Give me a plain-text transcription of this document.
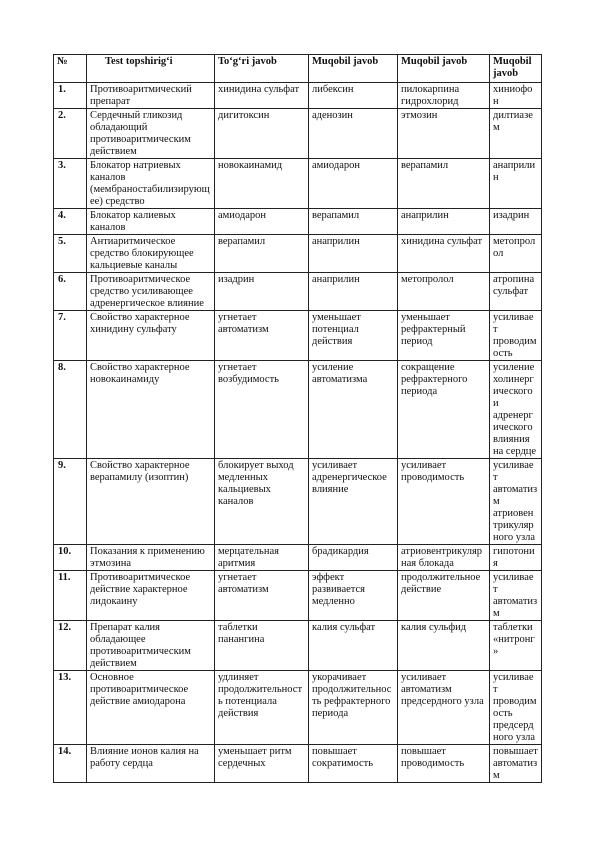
№	Test topshirig‘i	To‘g‘ri javob	Muqobil javob	Muqobil javob	Muqobil javob
1.	Противоаритмический препарат	хинидина сульфат	либексин	пилокарпина гидрохлорид	хиниофон
2.	Сердечный гликозид обладающий противоаритмическим действием	дигитоксин	аденозин	этмозин	дилтиазем
3.	Блокатор натриевых каналов (мембраностабилизирующее) средство	новокаинамид	амиодарон	верапамил	анаприлин
4.	Блокатор калиевых каналов	амиодарон	верапамил	анаприлин	изадрин
5.	Антиаритмическое средство блокирующее кальциевые каналы	верапамил	анаприлин	хинидина сульфат	метопролол
6.	Противоаритмическое средство усиливающее адренергическое влияние	изадрин	анаприлин	метопролол	атропина сульфат
7.	Свойство характерное хинидину сульфату	угнетает автоматизм	уменьшает потенциал действия	уменьшает рефрактерный период	усиливает проводимость
8.	Свойство характерное новокаинамиду	угнетает возбудимость	усиление автоматизма	сокращение рефрактерного периода	усиление холинергического и адренергического влияния на сердце
9.	Свойство характерное верапамилу (изоптин)	блокирует выход медленных кальциевых каналов	усиливает адренергическое влияние	усиливает проводимость	усиливает автоматизм атриовентрикулярного узла
10.	Показания к применению этмозина	мерцательная аритмия	брадикардия	атриовентрикулярная блокада	гипотония
11.	Противоаритмическое действие характерное лидокаину	угнетает автоматизм	эффект развивается медленно	продолжительное действие	усиливает автоматизм
12.	Препарат калия обладающее противоаритмическим действием	таблетки панангина	калия сульфат	калия сульфид	таблетки «нитронг»
13.	Основное противоаритмическое действие амиодарона	удлиняет продолжительность потенциала действия	укорачивает продолжительность рефрактерного периода	усиливает автоматизм предсердного узла	усиливает проводимость предсердного узла
14.	Влияние ионов калия на работу сердца	уменьшает ритм сердечных	повышает сократимость	повышает проводимость	повышает автоматизм
